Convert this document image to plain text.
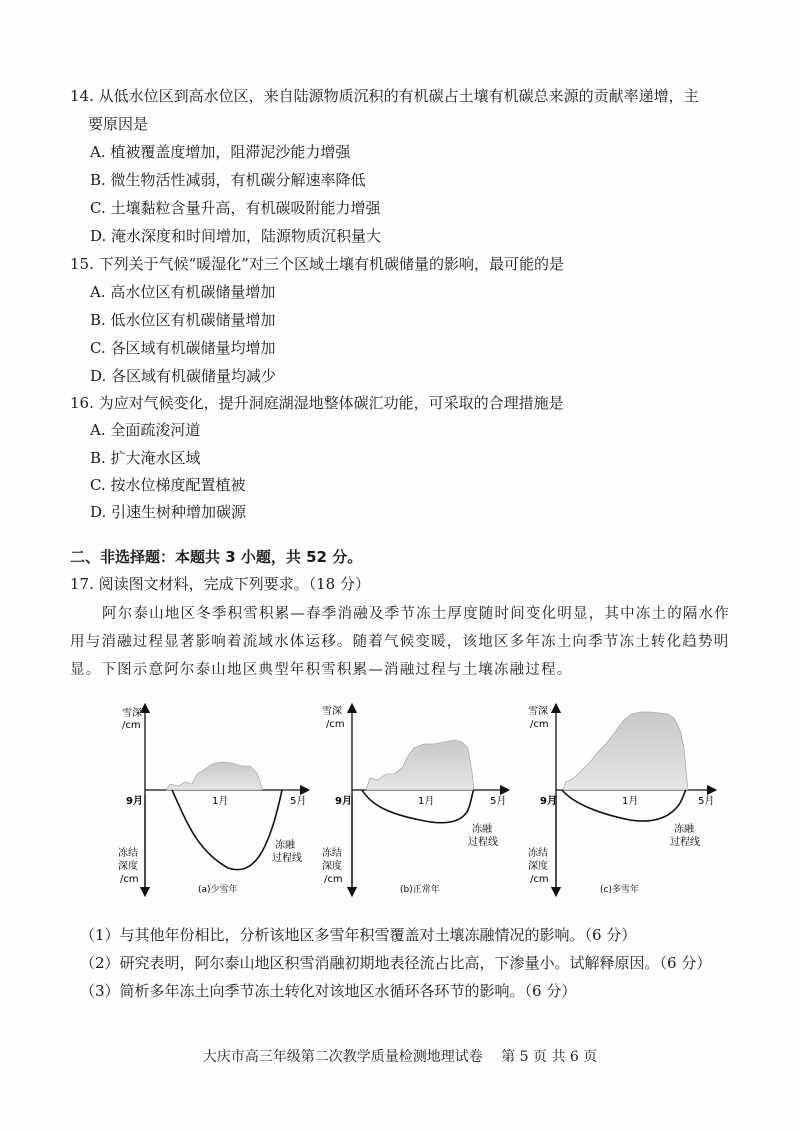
14. 从低水位区到高水位区，来自陆源物质沉积的有机碳占土壤有机碳总来源的贡献率递增，主
要原因是
A. 植被覆盖度增加，阻滞泥沙能力增强
B. 微生物活性减弱，有机碳分解速率降低
C. 土壤黏粒含量升高，有机碳吸附能力增强
D. 淹水深度和时间增加，陆源物质沉积量大
15. 下列关于气候“暖湿化”对三个区域土壤有机碳储量的影响，最可能的是
A. 高水位区有机碳储量增加
B. 低水位区有机碳储量增加
C. 各区域有机碳储量均增加
D. 各区域有机碳储量均减少
16. 为应对气候变化，提升洞庭湖湿地整体碳汇功能，可采取的合理措施是
A. 全面疏浚河道
B. 扩大淹水区域
C. 按水位梯度配置植被
D. 引速生树种增加碳源
二、非选择题：本题共 3 小题，共 52 分。
17. 阅读图文材料，完成下列要求。（18 分）
阿尔泰山地区冬季积雪积累—春季消融及季节冻土厚度随时间变化明显，其中冻土的隔水作用与消融过程显著影响着流域水体运移。随着气候变暖，该地区多年冻土向季节冻土转化趋势明显。下图示意阿尔泰山地区典型年积雪积累—消融过程与土壤冻融过程。
雪深
/cm
9月	1月	5月
冻结
深度
/cm
冻融
过程线
(a)少雪年
雪深
/cm
9月	1月	5月
冻结
深度
/cm
冻融
过程线
(b)正常年
雪深
/cm
9月	1月	5月
冻结
深度
/cm
冻融
过程线
(c)多雪年
（1）与其他年份相比，分析该地区多雪年积雪覆盖对土壤冻融情况的影响。（6 分）
（2）研究表明，阿尔泰山地区积雪消融初期地表径流占比高，下渗量小。试解释原因。（6 分）
（3）简析多年冻土向季节冻土转化对该地区水循环各环节的影响。（6 分）
大庆市高三年级第二次教学质量检测地理试卷　 第 5 页 共 6 页
